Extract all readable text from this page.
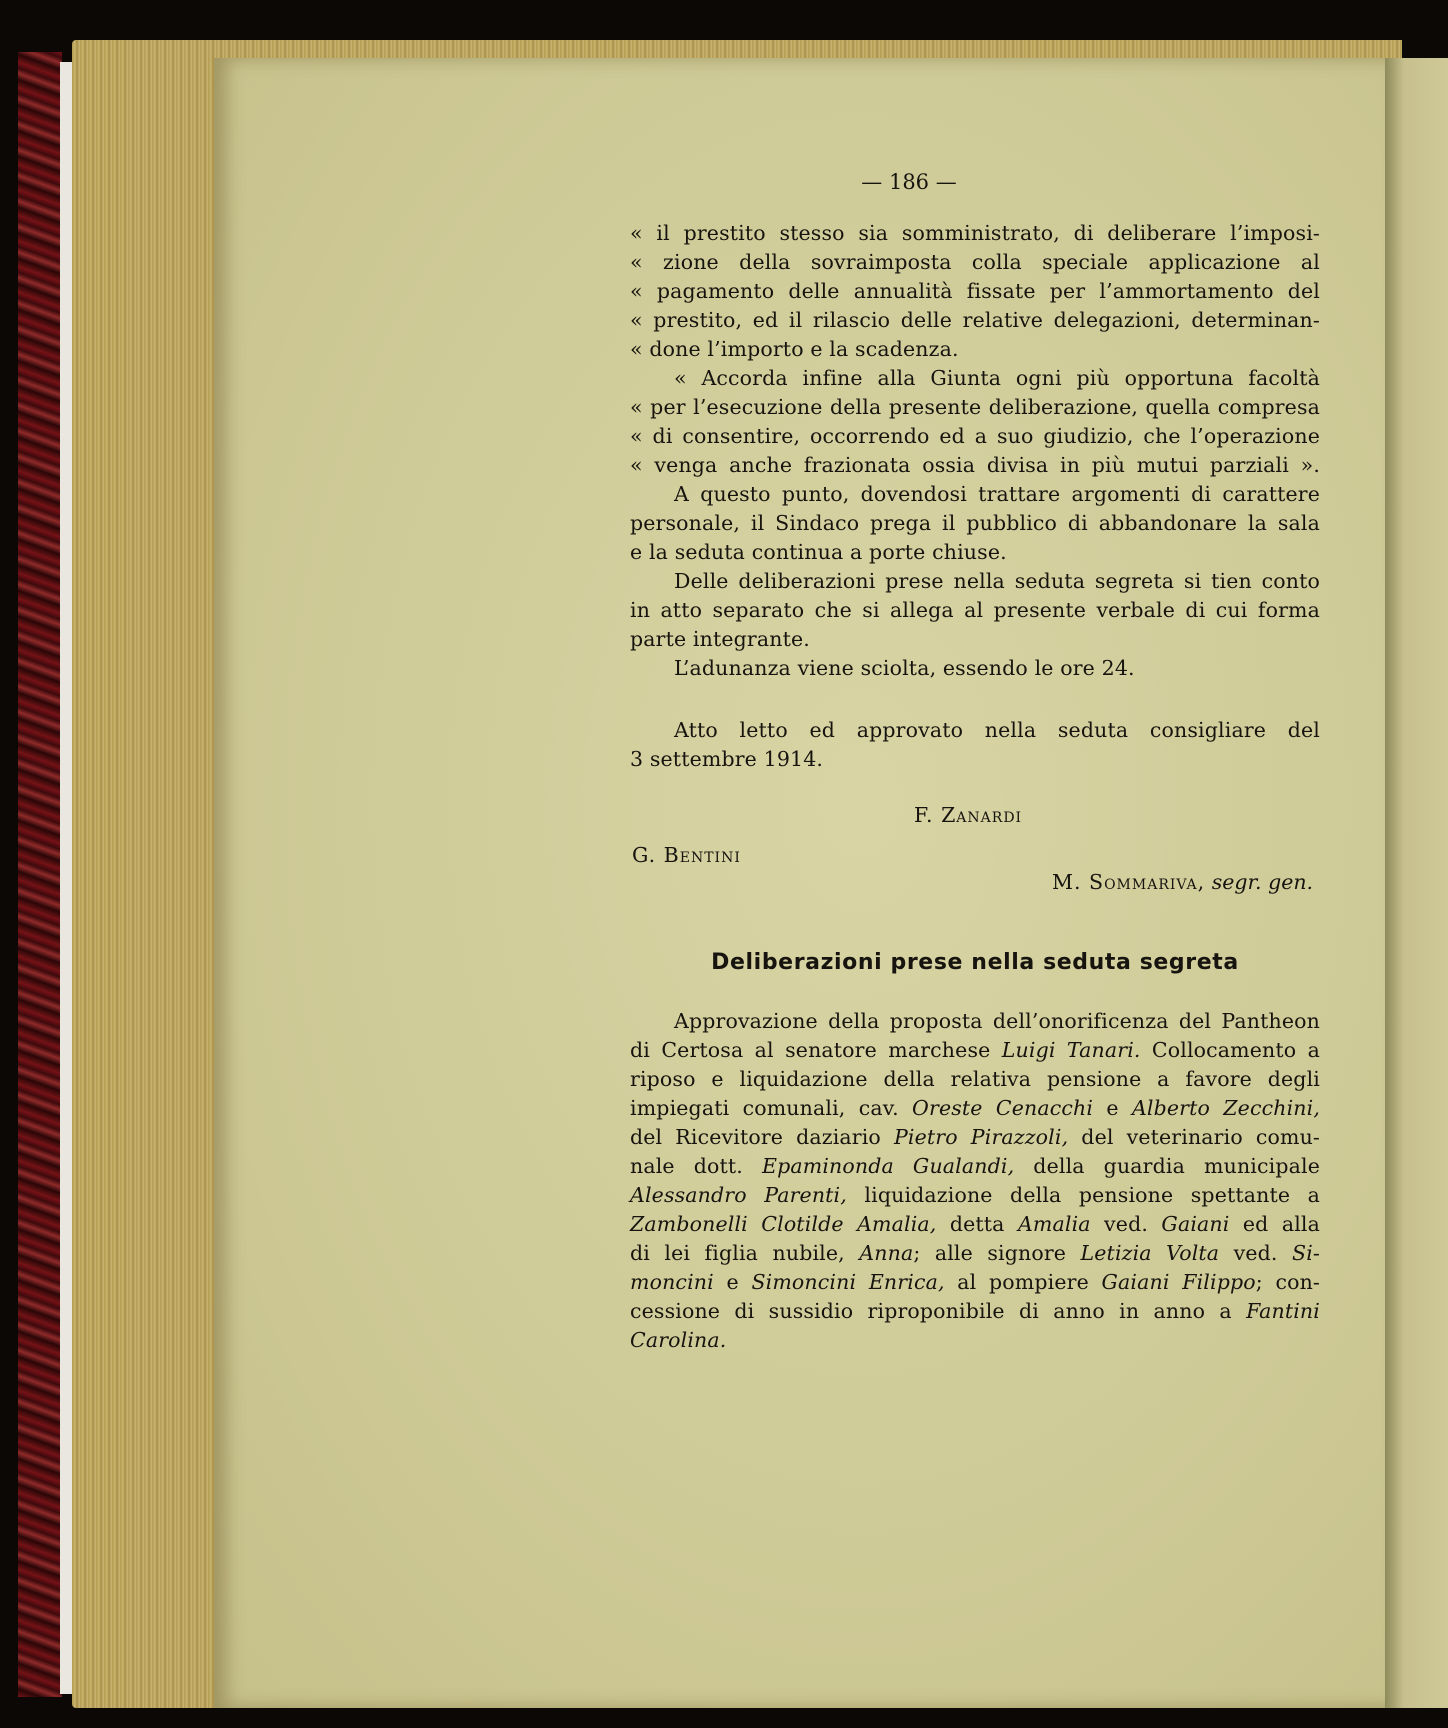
— 186 —
« il prestito stesso sia somministrato, di deliberare l’imposi-
« zione della sovraimposta colla speciale applicazione al
« pagamento delle annualità fissate per l’ammortamento del
« prestito, ed il rilascio delle relative delegazioni, determinan-
« done l’importo e la scadenza.
« Accorda infine alla Giunta ogni più opportuna facoltà
« per l’esecuzione della presente deliberazione, quella compresa
« di consentire, occorrendo ed a suo giudizio, che l’operazione
« venga anche frazionata ossia divisa in più mutui parziali ».
A questo punto, dovendosi trattare argomenti di carattere
personale, il Sindaco prega il pubblico di abbandonare la sala
e la seduta continua a porte chiuse.
Delle deliberazioni prese nella seduta segreta si tien conto
in atto separato che si allega al presente verbale di cui forma
parte integrante.
L’adunanza viene sciolta, essendo le ore 24.
Atto letto ed approvato nella seduta consigliare del
3 settembre 1914.
F. Zanardi
G. Bentini
M. Sommariva, segr. gen.
Deliberazioni prese nella seduta segreta
Approvazione della proposta dell’onorificenza del Pantheon
di Certosa al senatore marchese Luigi Tanari. Collocamento a
riposo e liquidazione della relativa pensione a favore degli
impiegati comunali, cav. Oreste Cenacchi e Alberto Zecchini,
del Ricevitore daziario Pietro Pirazzoli, del veterinario comu-
nale dott. Epaminonda Gualandi, della guardia municipale
Alessandro Parenti, liquidazione della pensione spettante a
Zambonelli Clotilde Amalia, detta Amalia ved. Gaiani ed alla
di lei figlia nubile, Anna; alle signore Letizia Volta ved. Si-
moncini e Simoncini Enrica, al pompiere Gaiani Filippo; con-
cessione di sussidio riproponibile di anno in anno a Fantini
Carolina.
